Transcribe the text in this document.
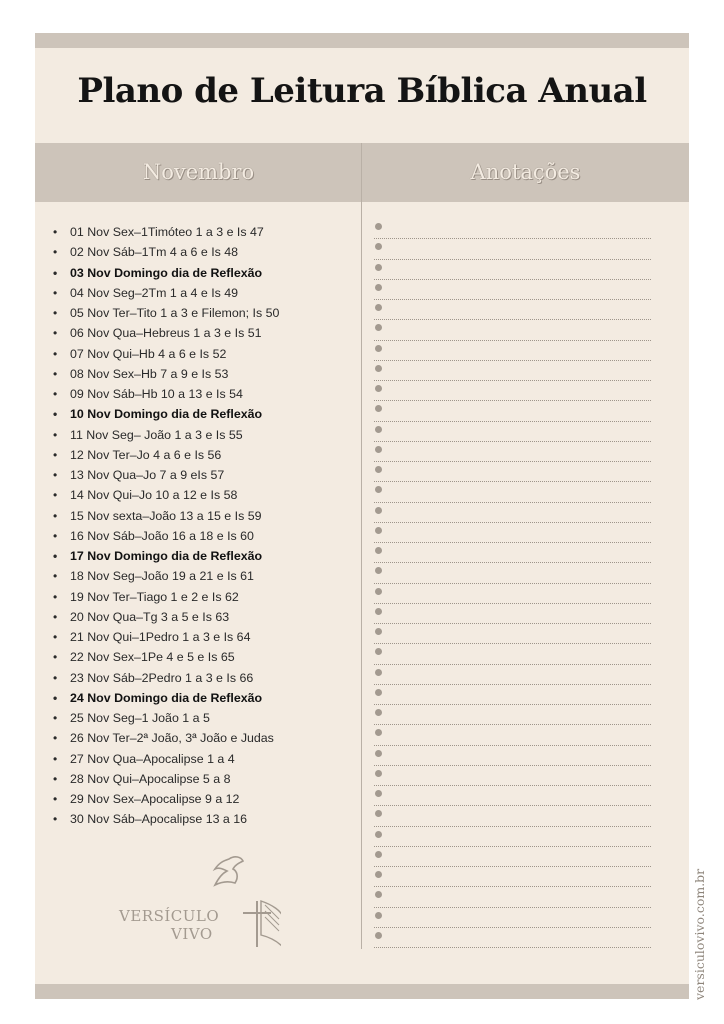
Plano de Leitura Bíblica Anual
Novembro	Anotações
• 01 Nov Sex–1Timóteo 1 a 3 e Is 47
• 02 Nov Sáb–1Tm 4 a 6 e Is 48
• 03 Nov Domingo dia de Reflexão
• 04 Nov Seg–2Tm 1 a 4 e Is 49
• 05 Nov Ter–Tito 1 a 3 e Filemon; Is 50
• 06 Nov Qua–Hebreus 1 a 3 e Is 51
• 07 Nov Qui–Hb 4 a 6 e Is 52
• 08 Nov Sex–Hb 7 a 9 e Is 53
• 09 Nov Sáb–Hb 10 a 13 e Is 54
• 10 Nov Domingo dia de Reflexão
• 11 Nov Seg– João 1 a 3 e Is 55
• 12 Nov Ter–Jo 4 a 6 e Is 56
• 13 Nov Qua–Jo 7 a 9 eIs 57
• 14 Nov Qui–Jo 10 a 12 e Is 58
• 15 Nov sexta–João 13 a 15 e Is 59
• 16 Nov Sáb–João 16 a 18 e Is 60
• 17 Nov Domingo dia de Reflexão
• 18 Nov Seg–João 19 a 21 e Is 61
• 19 Nov Ter–Tiago 1 e 2 e Is 62
• 20 Nov Qua–Tg 3 a 5 e Is 63
• 21 Nov Qui–1Pedro 1 a 3 e Is 64
• 22 Nov Sex–1Pe 4 e 5 e Is 65
• 23 Nov Sáb–2Pedro 1 a 3 e Is 66
• 24 Nov Domingo dia de Reflexão
• 25 Nov Seg–1 João 1 a 5
• 26 Nov Ter–2ª João, 3ª João e Judas
• 27 Nov Qua–Apocalipse 1 a 4
• 28 Nov Qui–Apocalipse 5 a 8
• 29 Nov Sex–Apocalipse 9 a 12
• 30 Nov Sáb–Apocalipse 13 a 16
VERSÍCULO
VIVO	versiculovivo.com.br
